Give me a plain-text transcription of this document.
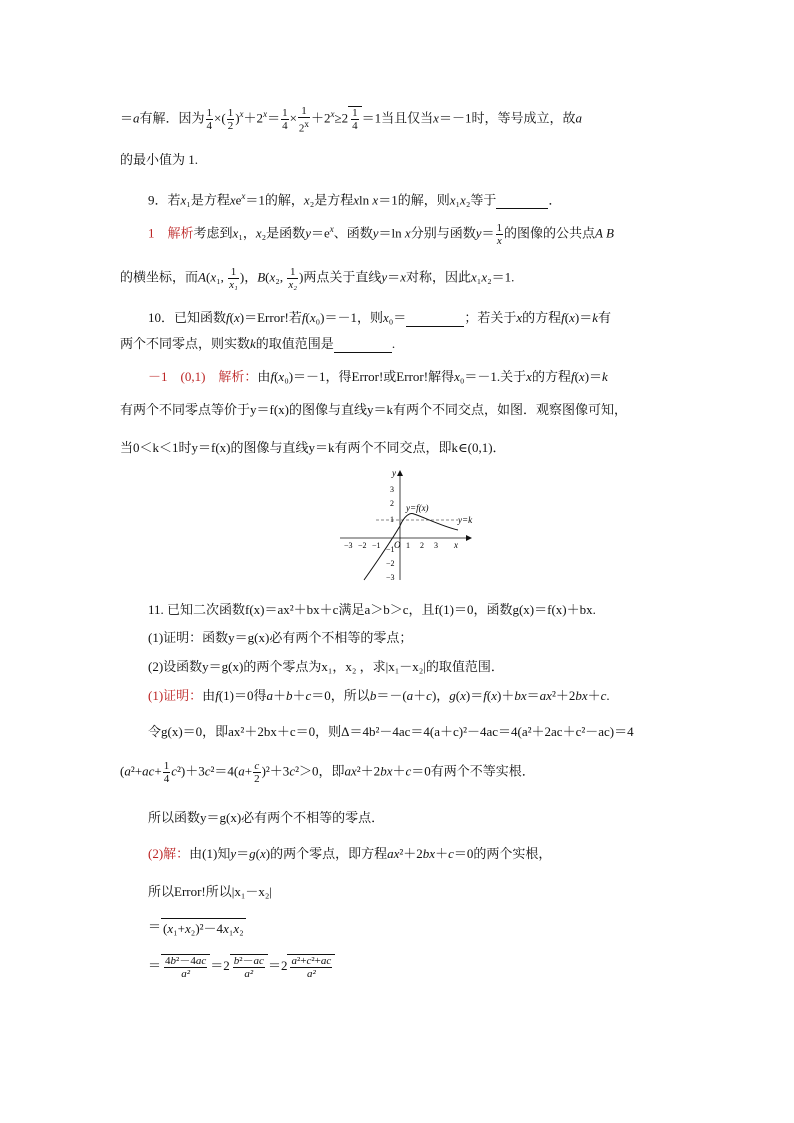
＝a有解．因为 $\frac{1}{4}$ ×( $\frac{1}{2} )^x+2^x= \frac{1}{4} \times \frac{1}{2^x} +2^x\ge 2 \frac{1}{4} =1$当且仅当x＝－1时，等号成立，故a
的最小值为 1.
9．若x₁是方程$xe^x=1$的解，x₂是方程xln x＝1的解，则x₁x₂等于	．
1　解析考虑到x₁，x₂是函数$y=e^x$、函数y＝ln x分别与函数$y= \frac{1}{x}$ 的图像的公共点A B
的横坐标，而A(x₁, $\frac{1}{\text{x₁}}$ )，B(x₂, $\frac{1}{\text{x₂}}$ )两点关于直线y＝x对称，因此x₁x₂＝1.
10．已知函数f(x)＝Error!若f(x₀)＝－1，则x₀＝	；若关于x的方程f(x)＝k有
两个不同零点，则实数k的取值范围是	.
－1　(0,1)　解析：由f(x₀)＝－1，得Error!或Error!解得x₀＝－1.关于x的方程f(x)＝k
有两个不同零点等价于y＝f(x)的图像与直线y＝k有两个不同交点，如图．观察图像可知，
当0＜k＜1时y＝f(x)的图像与直线y＝k有两个不同交点，即k∈(0,1)．
y
x
y=f(x)
y=k
O
−3 −2 −1	1 2 3
3
2
1
−1
−2
−3
11. 已知二次函数f(x)＝ax²＋bx＋c满足a＞b＞c，且f(1)＝0，函数g(x)＝f(x)＋bx.
(1)证明：函数y＝g(x)必有两个不相等的零点；
(2)设函数y＝g(x)的两个零点为x₁，x₂ ，求|x₁－x₂|的取值范围．
(1)证明：由f(1)＝0得a＋b＋c＝0，所以b＝－(a＋c)，g(x)＝f(x)＋bx＝ax²＋2bx＋c.
令g(x)＝0，即ax²＋2bx＋c＝0，则Δ＝4b²－4ac＝4(a＋c)²－4ac＝4(a²＋2ac＋c²－ac)＝4
$(a^2+ac+ \frac{1}{4} c^2)+3c^2=4(a+ \frac{c}{2} )^2+3c^2>0$，即ax²＋2bx＋c＝0有两个不等实根．
所以函数y＝g(x)必有两个不相等的零点．
(2)解：由(1)知y＝g(x)的两个零点，即方程ax²＋2bx＋c＝0的两个实根，
所以Error!所以|x₁－x₂|
＝ (x₁+x₂)²－4x₁x₂
＝ $\frac{\text{4b²－4ac}}{\text{a²}} =2 \frac{\text{b²－ac}}{\text{a²}} =2 \frac{\text{a²+c²+ac}}{\text{a²}}$
